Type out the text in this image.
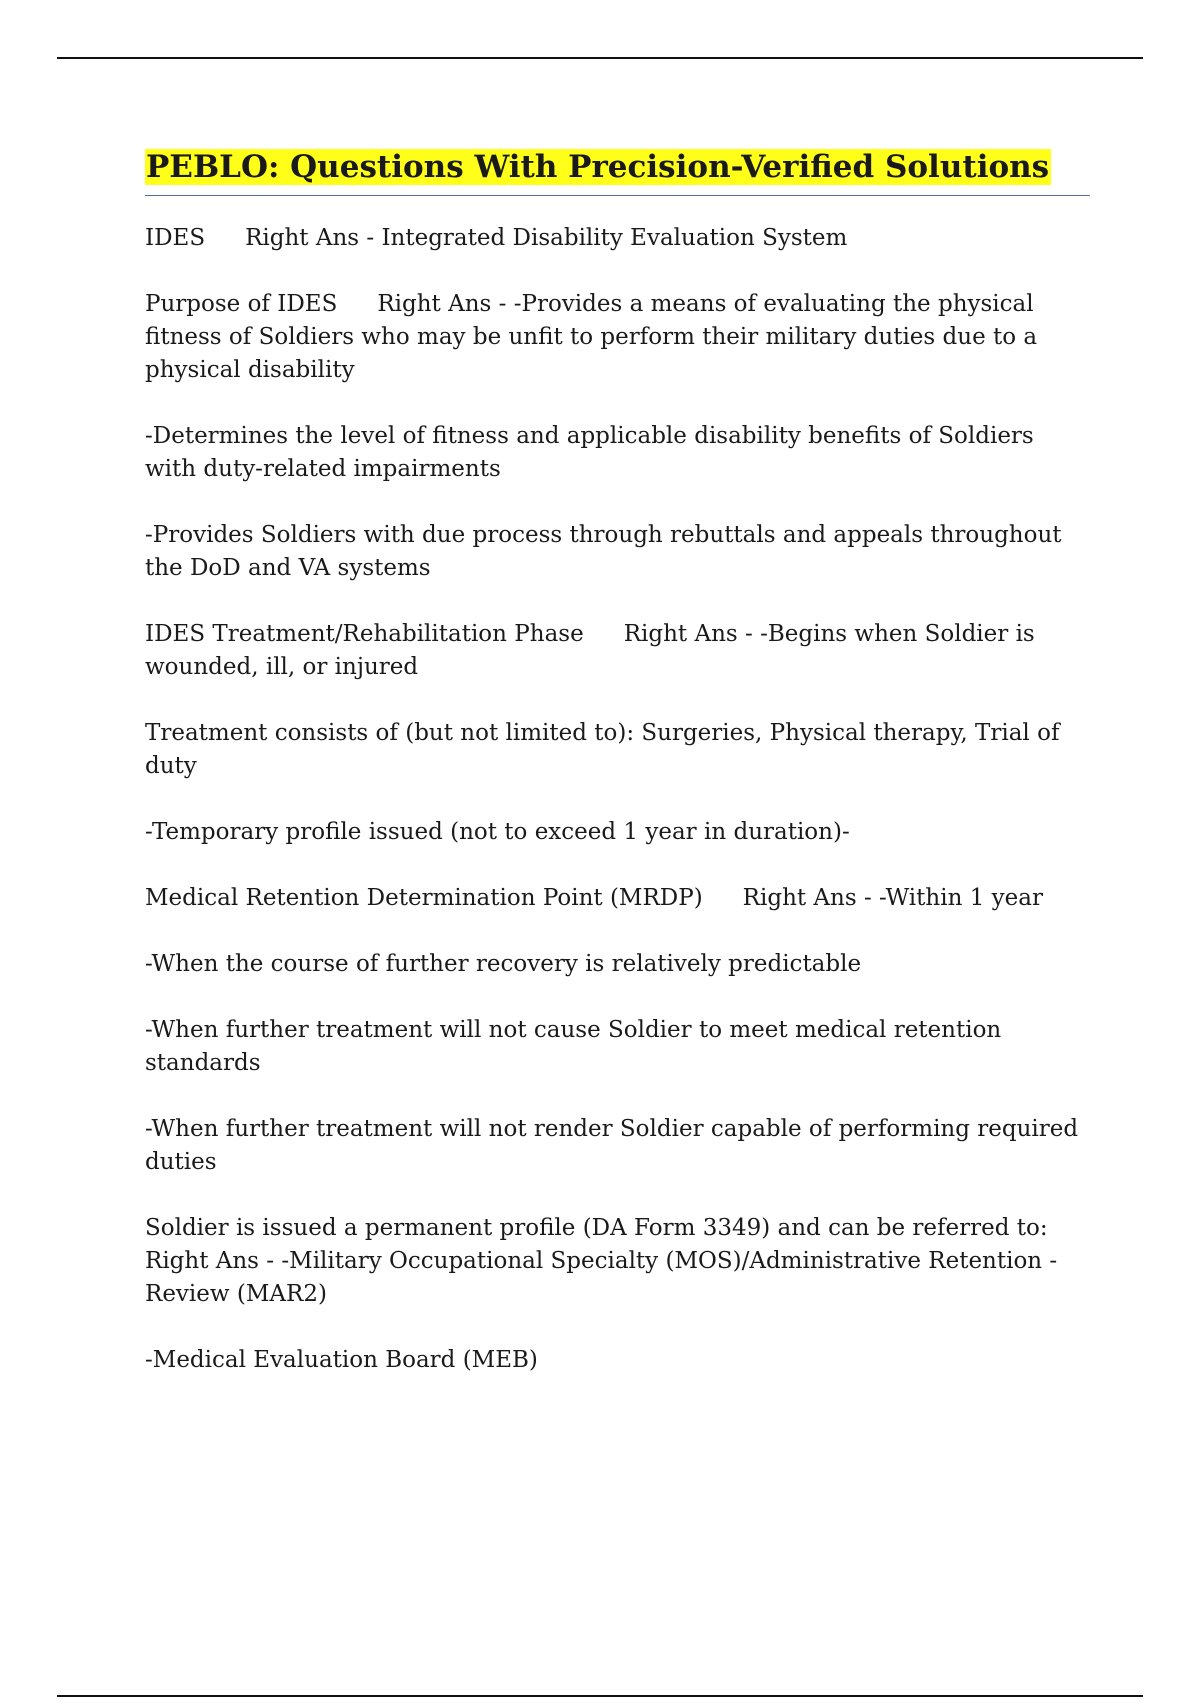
PEBLO: Questions With Precision-Verified Solutions

IDES Right Ans - Integrated Disability Evaluation System

Purpose of IDES Right Ans - -Provides a means of evaluating the physical fitness of Soldiers who may be unfit to perform their military duties due to a physical disability

-Determines the level of fitness and applicable disability benefits of Soldiers with duty-related impairments

-Provides Soldiers with due process through rebuttals and appeals throughout the DoD and VA systems

IDES Treatment/Rehabilitation Phase Right Ans - -Begins when Soldier is wounded, ill, or injured

Treatment consists of (but not limited to): Surgeries, Physical therapy, Trial of duty

-Temporary profile issued (not to exceed 1 year in duration)-

Medical Retention Determination Point (MRDP) Right Ans - -Within 1 year

-When the course of further recovery is relatively predictable

-When further treatment will not cause Soldier to meet medical retention standards

-When further treatment will not render Soldier capable of performing required duties

Soldier is issued a permanent profile (DA Form 3349) and can be referred to:Right Ans - -Military Occupational Specialty (MOS)/Administrative Retention - Review (MAR2)

-Medical Evaluation Board (MEB)
